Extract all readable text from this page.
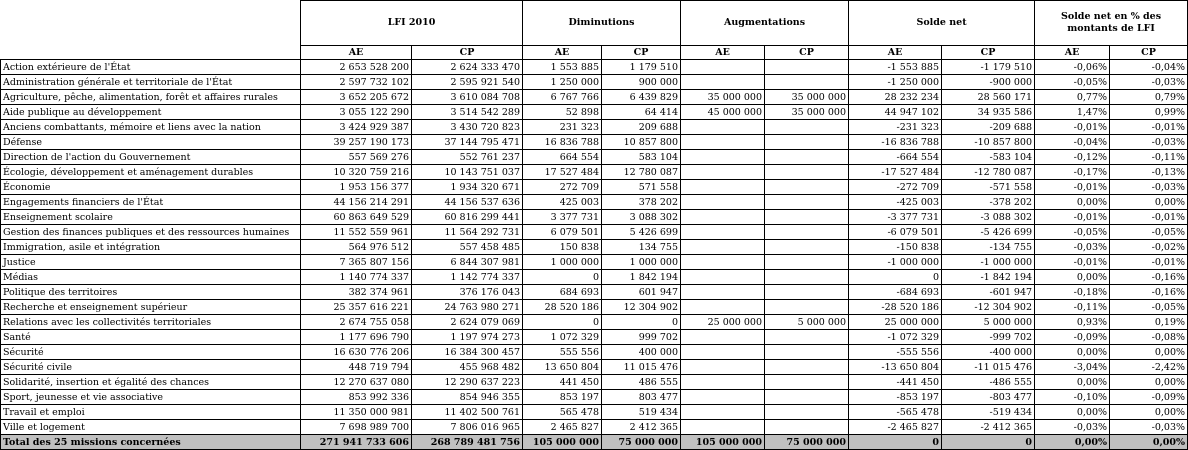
	LFI 2010		Diminutions		Augmentations		Solde net		Solde net en % des montants de LFI	
	AE	CP	AE	CP	AE	CP	AE	CP	AE	CP
Action extérieure de l'État	2 653 528 200	2 624 333 470	1 553 885	1 179 510			-1 553 885	-1 179 510	-0,06%	-0,04%
Administration générale et territoriale de l'État	2 597 732 102	2 595 921 540	1 250 000	900 000			-1 250 000	-900 000	-0,05%	-0,03%
Agriculture, pêche, alimentation, forêt et affaires rurales	3 652 205 672	3 610 084 708	6 767 766	6 439 829	35 000 000	35 000 000	28 232 234	28 560 171	0,77%	0,79%
Aide publique au développement	3 055 122 290	3 514 542 289	52 898	64 414	45 000 000	35 000 000	44 947 102	34 935 586	1,47%	0,99%
Anciens combattants, mémoire et liens avec la nation	3 424 929 387	3 430 720 823	231 323	209 688			-231 323	-209 688	-0,01%	-0,01%
Défense	39 257 190 173	37 144 795 471	16 836 788	10 857 800			-16 836 788	-10 857 800	-0,04%	-0,03%
Direction de l'action du Gouvernement	557 569 276	552 761 237	664 554	583 104			-664 554	-583 104	-0,12%	-0,11%
Écologie, développement et aménagement durables	10 320 759 216	10 143 751 037	17 527 484	12 780 087			-17 527 484	-12 780 087	-0,17%	-0,13%
Économie	1 953 156 377	1 934 320 671	272 709	571 558			-272 709	-571 558	-0,01%	-0,03%
Engagements financiers de l'État	44 156 214 291	44 156 537 636	425 003	378 202			-425 003	-378 202	0,00%	0,00%
Enseignement scolaire	60 863 649 529	60 816 299 441	3 377 731	3 088 302			-3 377 731	-3 088 302	-0,01%	-0,01%
Gestion des finances publiques et des ressources humaines	11 552 559 961	11 564 292 731	6 079 501	5 426 699			-6 079 501	-5 426 699	-0,05%	-0,05%
Immigration, asile et intégration	564 976 512	557 458 485	150 838	134 755			-150 838	-134 755	-0,03%	-0,02%
Justice	7 365 807 156	6 844 307 981	1 000 000	1 000 000			-1 000 000	-1 000 000	-0,01%	-0,01%
Médias	1 140 774 337	1 142 774 337	0	1 842 194			0	-1 842 194	0,00%	-0,16%
Politique des territoires	382 374 961	376 176 043	684 693	601 947			-684 693	-601 947	-0,18%	-0,16%
Recherche et enseignement supérieur	25 357 616 221	24 763 980 271	28 520 186	12 304 902			-28 520 186	-12 304 902	-0,11%	-0,05%
Relations avec les collectivités territoriales	2 674 755 058	2 624 079 069	0	0	25 000 000	5 000 000	25 000 000	5 000 000	0,93%	0,19%
Santé	1 177 696 790	1 197 974 273	1 072 329	999 702			-1 072 329	-999 702	-0,09%	-0,08%
Sécurité	16 630 776 206	16 384 300 457	555 556	400 000			-555 556	-400 000	0,00%	0,00%
Sécurité civile	448 719 794	455 968 482	13 650 804	11 015 476			-13 650 804	-11 015 476	-3,04%	-2,42%
Solidarité, insertion et égalité des chances	12 270 637 080	12 290 637 223	441 450	486 555			-441 450	-486 555	0,00%	0,00%
Sport, jeunesse et vie associative	853 992 336	854 946 355	853 197	803 477			-853 197	-803 477	-0,10%	-0,09%
Travail et emploi	11 350 000 981	11 402 500 761	565 478	519 434			-565 478	-519 434	0,00%	0,00%
Ville et logement	7 698 989 700	7 806 016 965	2 465 827	2 412 365			-2 465 827	-2 412 365	-0,03%	-0,03%
Total des 25 missions concernées	271 941 733 606	268 789 481 756	105 000 000	75 000 000	105 000 000	75 000 000	0	0	0,00%	0,00%
